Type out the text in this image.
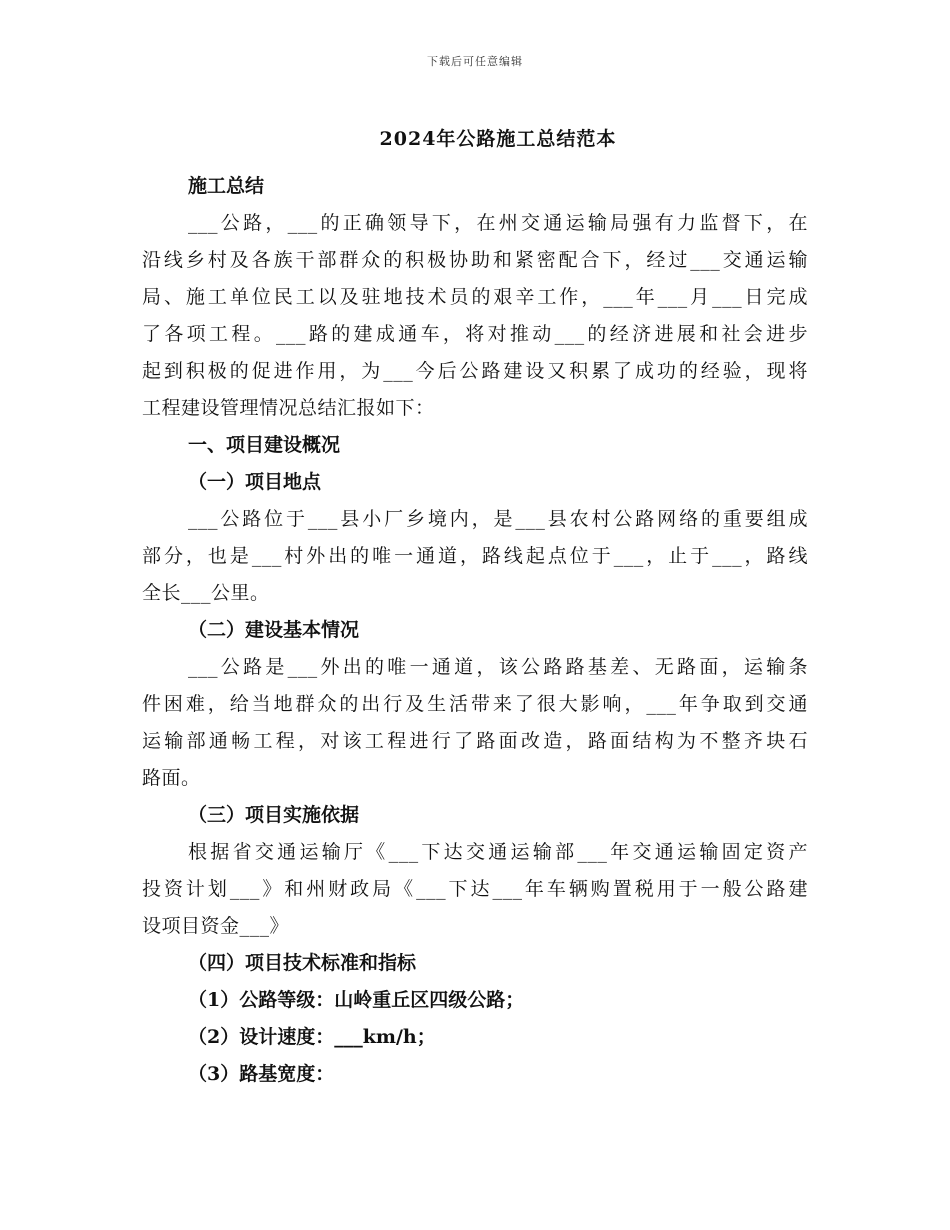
下载后可任意编辑
2024年公路施工总结范本

施工总结

___公路，___的正确领导下，在州交通运输局强有力监督下，在

沿线乡村及各族干部群众的积极协助和紧密配合下，经过___交通运输

局、施工单位民工以及驻地技术员的艰辛工作，___年___月___日完成

了各项工程。___路的建成通车，将对推动___的经济进展和社会进步

起到积极的促进作用，为___今后公路建设又积累了成功的经验，现将

工程建设管理情况总结汇报如下：

一、项目建设概况

（一）项目地点

___公路位于___县小厂乡境内，是___县农村公路网络的重要组成

部分，也是___村外出的唯一通道，路线起点位于___，止于___，路线

全长___公里。

（二）建设基本情况

___公路是___外出的唯一通道，该公路路基差、无路面，运输条

件困难，给当地群众的出行及生活带来了很大影响，___年争取到交通

运输部通畅工程，对该工程进行了路面改造，路面结构为不整齐块石

路面。

（三）项目实施依据

根据省交通运输厅《___下达交通运输部___年交通运输固定资产

投资计划___》和州财政局《___下达___年车辆购置税用于一般公路建

设项目资金___》

（四）项目技术标准和指标

（1）公路等级：山岭重丘区四级公路；

（2）设计速度：___km/h；

（3）路基宽度：
